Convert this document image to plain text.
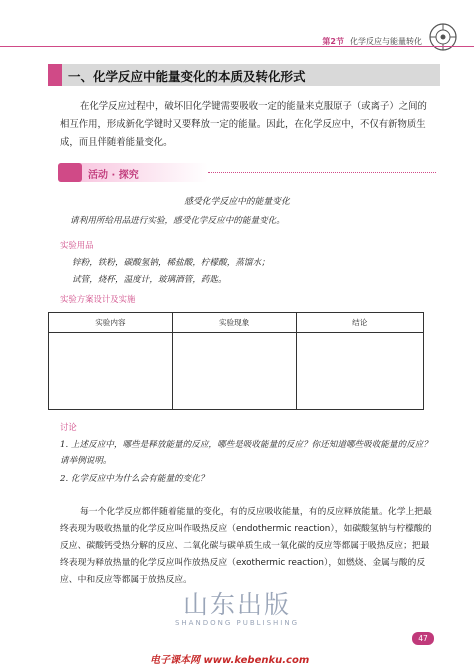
第2节 化学反应与能量转化
一、化学反应中能量变化的本质及转化形式

在化学反应过程中，破坏旧化学键需要吸收一定的能量来克服原子（或离子）之间的相互作用，形成新化学键时又要释放一定的能量。因此，在化学反应中，不仅有新物质生成，而且伴随着能量变化。

活动 · 探究
感受化学反应中的能量变化
请利用所给用品进行实验，感受化学反应中的能量变化。
实验用品
锌粉，铁粉，碳酸氢钠，稀盐酸，柠檬酸，蒸馏水；
试管，烧杯，温度计，玻璃酒管，药匙。
实验方案设计及实施
实验内容	实验现象	结论

讨论

1. 上述反应中，哪些是释放能量的反应，哪些是吸收能量的反应？你还知道哪些吸收能量的反应？请举例说明。

2. 化学反应中为什么会有能量的变化？

每一个化学反应都伴随着能量的变化，有的反应吸收能量，有的反应释放能量。化学上把最终表现为吸收热量的化学反应叫作吸热反应（endothermic reaction），如碳酸氢钠与柠檬酸的反应、碳酸钙受热分解的反应、二氧化碳与碳单质生成一氧化碳的反应等都属于吸热反应；把最终表现为释放热量的化学反应叫作放热反应（exothermic reaction），如燃烧、金属与酸的反应、中和反应等都属于放热反应。

山东出版
SHANDONG PUBLISHING
47
电子课本网 www.kebenku.com
